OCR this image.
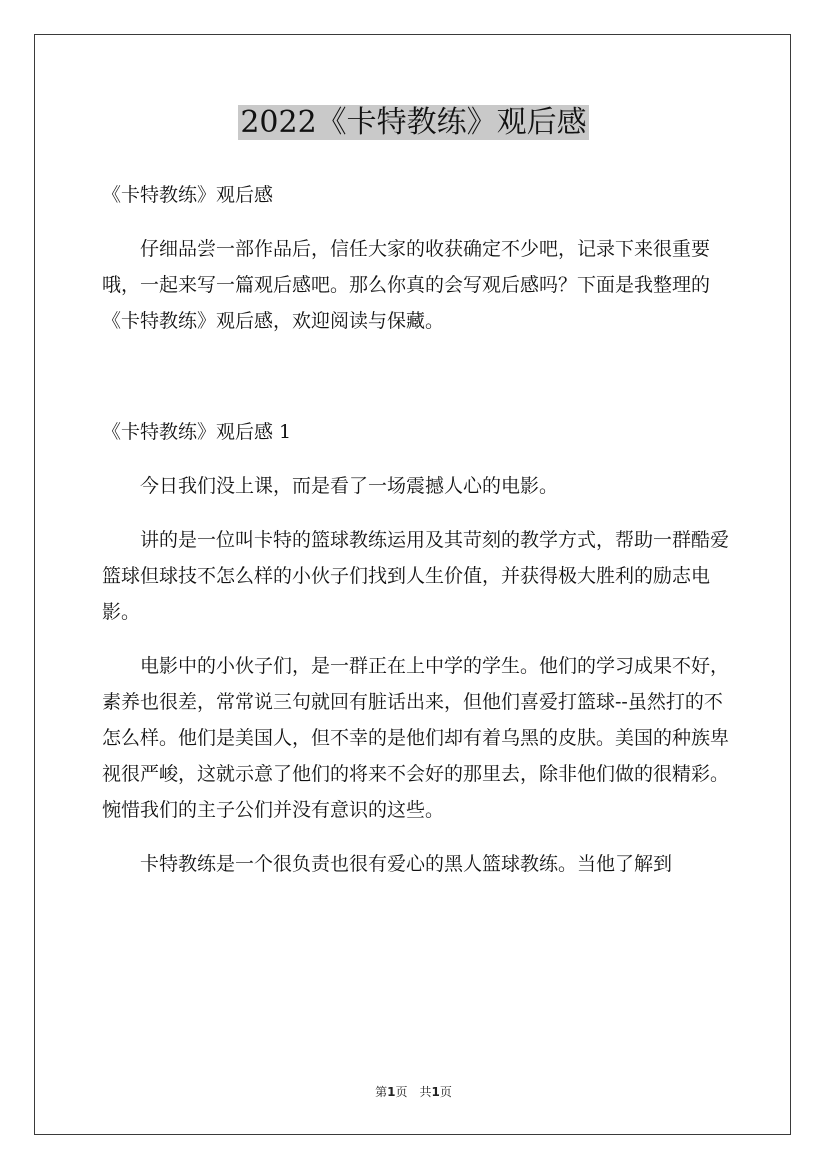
2022《卡特教练》观后感

《卡特教练》观后感

仔细品尝一部作品后，信任大家的收获确定不少吧，记录下来很重要哦，一起来写一篇观后感吧。那么你真的会写观后感吗？下面是我整理的《卡特教练》观后感，欢迎阅读与保藏。

《卡特教练》观后感 1

今日我们没上课，而是看了一场震撼人心的电影。

讲的是一位叫卡特的篮球教练运用及其苛刻的教学方式，帮助一群酷爱篮球但球技不怎么样的小伙子们找到人生价值，并获得极大胜利的励志电影。

电影中的小伙子们，是一群正在上中学的学生。他们的学习成果不好，素养也很差，常常说三句就回有脏话出来，但他们喜爱打篮球--虽然打的不怎么样。他们是美国人，但不幸的是他们却有着乌黑的皮肤。美国的种族卑视很严峻，这就示意了他们的将来不会好的那里去，除非他们做的很精彩。惋惜我们的主子公们并没有意识的这些。

卡特教练是一个很负责也很有爱心的黑人篮球教练。当他了解到

第1页 共1页
